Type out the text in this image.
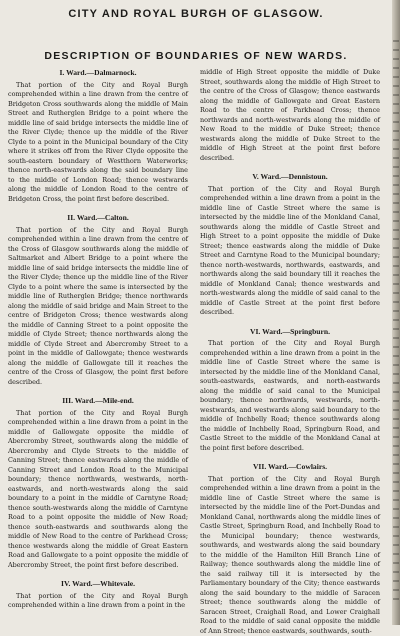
CITY AND ROYAL BURGH OF GLASGOW.
DESCRIPTION OF BOUNDARIES OF NEW WARDS.
I. Ward.—Dalmarnock.

That portion of the City and Royal Burgh comprehended within a line drawn from the centre of Bridgeton Cross southwards along the middle of Main Street and Rutherglen Bridge to a point where the middle line of said bridge intersects the middle line of the River Clyde; thence up the middle of the River Clyde to a point in the Municipal boundary of the City where it strikes off from the River Clyde opposite the south-eastern boundary of Westthorn Waterworks; thence north-eastwards along the said boundary line to the middle of London Road; thence westwards along the middle of London Road to the centre of Bridgeton Cross, the point first before described.

II. Ward.—Calton.

That portion of the City and Royal Burgh comprehended within a line drawn from the centre of the Cross of Glasgow southwards along the middle of Saltmarket and Albert Bridge to a point where the middle line of said bridge intersects the middle line of the River Clyde; thence up the middle line of the River Clyde to a point where the same is intersected by the middle line of Rutherglen Bridge; thence northwards along the middle of said bridge and Main Street to the centre of Bridgeton Cross; thence westwards along the middle of Canning Street to a point opposite the middle of Clyde Street; thence northwards along the middle of Clyde Street and Abercromby Street to a point in the middle of Gallowgate; thence westwards along the middle of Gallowgate till it reaches the centre of the Cross of Glasgow, the point first before described.

III. Ward.—Mile-end.

That portion of the City and Royal Burgh comprehended within a line drawn from a point in the middle of Gallowgate opposite the middle of Abercromby Street, southwards along the middle of Abercromby and Clyde Streets to the middle of Canning Street; thence eastwards along the middle of Canning Street and London Road to the Municipal boundary; thence northwards, westwards, north-eastwards, and north-westwards along the said boundary to a point in the middle of Carntyne Road; thence south-westwards along the middle of Carntyne Road to a point opposite the middle of New Road; thence south-eastwards and southwards along the middle of New Road to the centre of Parkhead Cross; thence westwards along the middle of Great Eastern Road and Gallowgate to a point opposite the middle of Abercromby Street, the point first before described.

IV. Ward.—Whitevale.

That portion of the City and Royal Burgh comprehended within a line drawn from a point in the

middle of High Street opposite the middle of Duke Street, southwards along the middle of High Street to the centre of the Cross of Glasgow; thence eastwards along the middle of Gallowgate and Great Eastern Road to the centre of Parkhead Cross; thence northwards and north-westwards along the middle of New Road to the middle of Duke Street; thence westwards along the middle of Duke Street to the middle of High Street at the point first before described.

V. Ward.—Dennistoun.

That portion of the City and Royal Burgh comprehended within a line drawn from a point in the middle line of Castle Street where the same is intersected by the middle line of the Monkland Canal, southwards along the middle of Castle Street and High Street to a point opposite the middle of Duke Street; thence eastwards along the middle of Duke Street and Carntyne Road to the Municipal boundary; thence north-westwards, northwards, eastwards, and northwards along the said boundary till it reaches the middle of Monkland Canal; thence westwards and north-westwards along the middle of said canal to the middle of Castle Street at the point first before described.

VI. Ward.—Springburn.

That portion of the City and Royal Burgh comprehended within a line drawn from a point in the middle line of Castle Street where the same is intersected by the middle line of the Monkland Canal, south-eastwards, eastwards, and north-eastwards along the middle of said canal to the Municipal boundary; thence northwards, westwards, north-westwards, and westwards along said boundary to the middle of Inchbelly Road; thence southwards along the middle of Inchbelly Road, Springburn Road, and Castle Street to the middle of the Monkland Canal at the point first before described.

VII. Ward.—Cowlairs.

That portion of the City and Royal Burgh comprehended within a line drawn from a point in the middle line of Castle Street where the same is intersected by the middle line of the Port-Dundas and Monkland Canal, northwards along the middle lines of Castle Street, Springburn Road, and Inchbelly Road to the Municipal boundary; thence westwards, southwards, and westwards along the said boundary to the middle of the Hamilton Hill Branch Line of Railway; thence southwards along the middle line of the said railway till it is intersected by the Parliamentary boundary of the City; thence eastwards along the said boundary to the middle of Saracen Street; thence southwards along the middle of Saracen Street, Craighall Road, and Lower Craighall Road to the middle of said canal opposite the middle of Ann Street; thence eastwards, southwards, south-
